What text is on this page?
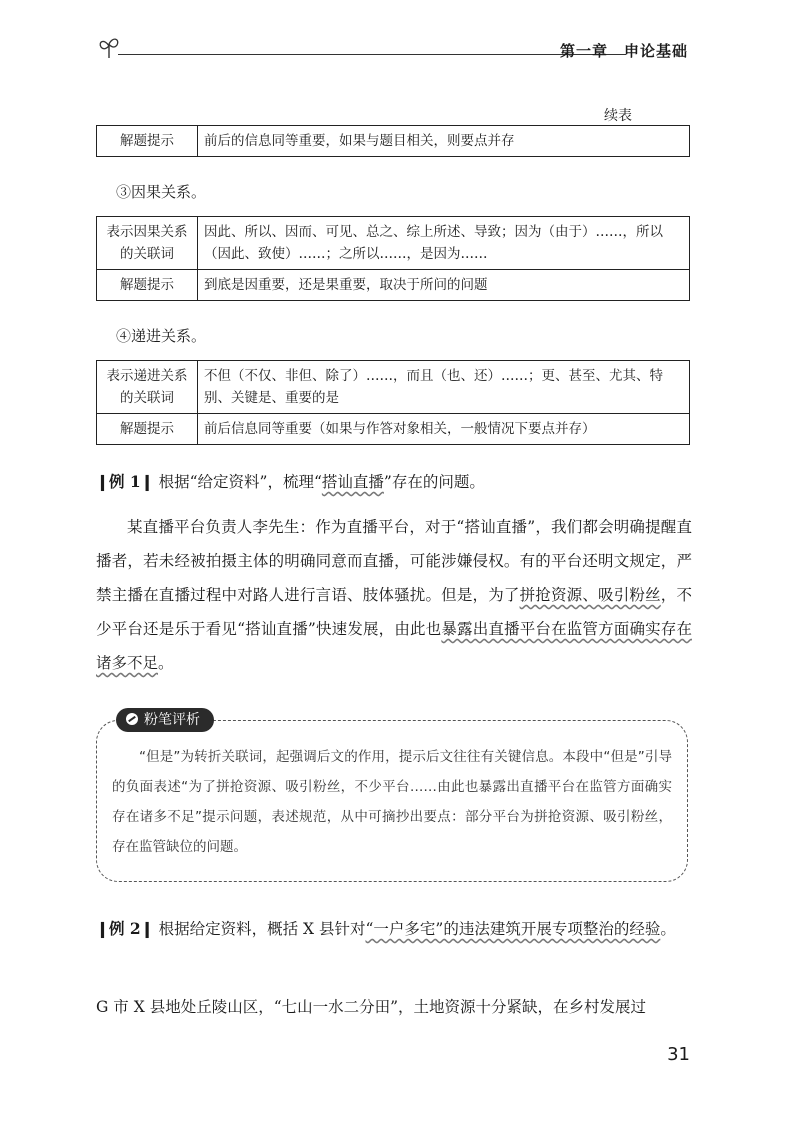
第一章　申论基础
续表
解题提示	前后的信息同等重要，如果与题目相关，则要点并存
③因果关系。
表示因果关系的关联词	因此、所以、因而、可见、总之、综上所述、导致；因为（由于）……，所以（因此、致使）……；之所以……，是因为……
解题提示	到底是因重要，还是果重要，取决于所问的问题
④递进关系。
表示递进关系的关联词	不但（不仅、非但、除了）……，而且（也、还）……；更、甚至、尤其、特别、关键是、重要的是
解题提示	前后信息同等重要（如果与作答对象相关，一般情况下要点并存）
❙例 1❙ 根据“给定资料”，梳理“搭讪直播”存在的问题。
某直播平台负责人李先生：作为直播平台，对于“搭讪直播”，我们都会明确提醒直播者，若未经被拍摄主体的明确同意而直播，可能涉嫌侵权。有的平台还明文规定，严禁主播在直播过程中对路人进行言语、肢体骚扰。但是，为了拼抢资源、吸引粉丝，不少平台还是乐于看见“搭讪直播”快速发展，由此也暴露出直播平台在监管方面确实存在诸多不足。
粉笔评析
“但是”为转折关联词，起强调后文的作用，提示后文往往有关键信息。本段中“但是”引导的负面表述“为了拼抢资源、吸引粉丝，不少平台……由此也暴露出直播平台在监管方面确实存在诸多不足”提示问题，表述规范，从中可摘抄出要点：部分平台为拼抢资源、吸引粉丝，存在监管缺位的问题。
❙例 2❙ 根据给定资料，概括 X 县针对“一户多宅”的违法建筑开展专项整治的经验。
G 市 X 县地处丘陵山区，“七山一水二分田”，土地资源十分紧缺，在乡村发展过
31
